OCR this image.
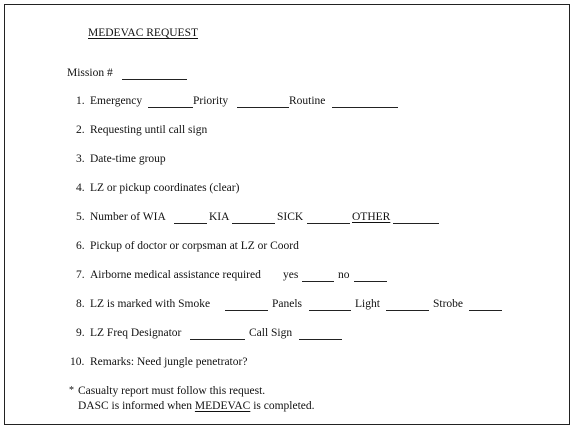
MEDEVAC REQUEST
Mission #
1. Emergency	Priority	Routine
2. Requesting until call sign
3. Date-time group
4. LZ or pickup coordinates (clear)
5. Number of WIA	KIA	SICK	OTHER
6. Pickup of doctor or corpsman at LZ or Coord
7. Airborne medical assistance required yes	no
8. LZ is marked with Smoke	Panels	Light	Strobe
9. LZ Freq Designator	Call Sign
10. Remarks: Need jungle penetrator?
* Casualty report must follow this request.
DASC is informed when MEDEVAC is completed.
